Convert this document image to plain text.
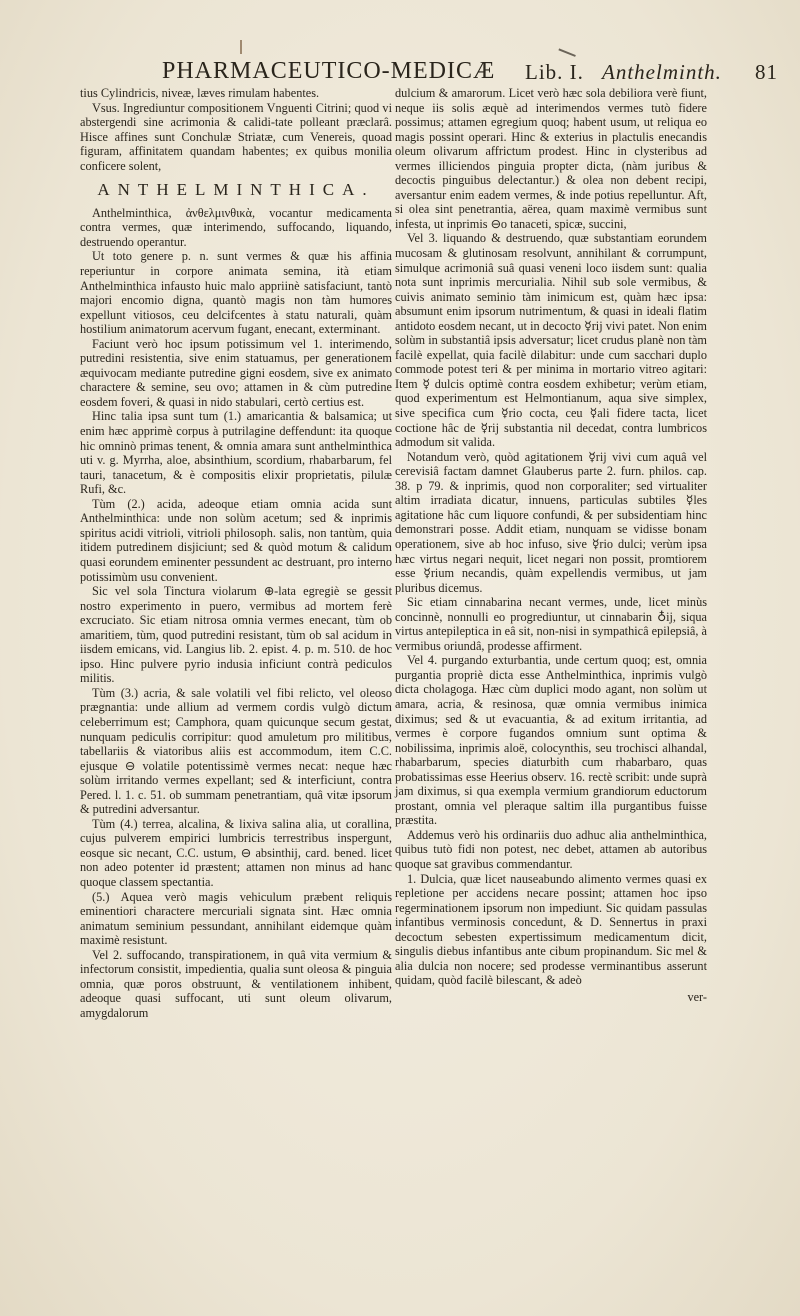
PHARMACEUTICO-MEDICÆ Lib. I. Anthelminth. 81

tius Cylindricis, niveæ, læves rimulam habentes.

Vsus. Ingrediuntur compositionem Vnguenti Citrini; quod vi abstergendi sine acrimonia & calidi-tate polleant præclarâ. Hisce affines sunt Conchulæ Striatæ, cum Venereis, quoad figuram, affinitatem quandam habentes; ex quibus monilia conficere solent,

ANTHELMINTHICA.

Anthelminthica, ἀνθελμινθικὰ, vocantur medicamenta contra vermes, quæ interimendo, suffocando, liquando, destruendo operantur.

Ut toto genere p. n. sunt vermes & quæ his affinia reperiuntur in corpore animata semina, ità etiam Anthelminthica infausto huic malo appriinè satisfaciunt, tantò majori encomio digna, quantò magis non tàm humores expellunt vitiosos, ceu delcifcentes à statu naturali, quàm hostilium animatorum acervum fugant, enecant, exterminant.

Faciunt verò hoc ipsum potissimum vel 1. interimendo, putredini resistentia, sive enim statuamus, per generationem æquivocam mediante putredine gigni eosdem, sive ex animato charactere & semine, seu ovo; attamen in & cùm putredine eosdem foveri, & quasi in nido stabulari, certò certius est.

Hinc talia ipsa sunt tum (1.) amaricantia & balsamica; ut enim hæc apprimè corpus à putrilagine deffendunt: ita quoque hic omninò primas tenent, & omnia amara sunt anthelminthica uti v. g. Myrrha, aloe, absinthium, scordium, rhabarbarum, fel tauri, tanacetum, & è compositis elixir proprietatis, pilulæ Rufi, &c.

Tùm (2.) acida, adeoque etiam omnia acida sunt Anthelminthica: unde non solùm acetum; sed & inprimis spiritus acidi vitrioli, vitrioli philosoph. salis, non tantùm, quia itidem putredinem disjiciunt; sed & quòd motum & calidum quasi eorundem eminenter pessundent ac destruant, pro interno potissimùm usu convenient.

Sic vel sola Tinctura violarum ⊕-lata egregiè se gessit nostro experimento in puero, vermibus ad mortem ferè excruciato. Sic etiam nitrosa omnia vermes enecant, tùm ob amaritiem, tùm, quod putredini resistant, tùm ob sal acidum in iisdem emicans, vid. Langius lib. 2. epist. 4. p. m. 510. de hoc ipso. Hinc pulvere pyrio indusia inficiunt contrà pediculos militis.

Tùm (3.) acria, & sale volatili vel fibi relicto, vel oleoso prægnantia: unde allium ad vermem cordis vulgò dictum celeberrimum est; Camphora, quam quicunque secum gestat, nunquam pediculis corripitur: quod amuletum pro militibus, tabellariis & viatoribus aliis est accommodum, item C.C. ejusque ⊖ volatile potentissimè vermes necat: neque hæc solùm irritando vermes expellant; sed & interficiunt, contra Pered. l. 1. c. 51. ob summam penetrantiam, quâ vitæ ipsorum & putredini adversantur.

Tùm (4.) terrea, alcalina, & lixiva salina alia, ut corallina, cujus pulverem empirici lumbricis terrestribus inspergunt, eosque sic necant, C.C. ustum, ⊖ absinthij, card. bened. licet non adeo potenter id præstent; attamen non minus ad hanc quoque classem spectantia.

(5.) Aquea verò magis vehiculum præbent reliquis eminentiori charactere mercuriali signata sint. Hæc omnia animatum seminium pessundant, annihilant eidemque quàm maximè resistunt.

Vel 2. suffocando, transpirationem, in quâ vita vermium & infectorum consistit, impedientia, qualia sunt oleosa & pinguia omnia, quæ poros obstruunt, & ventilationem inhibent, adeoque quasi suffocant, uti sunt oleum olivarum, amygdalorum

dulcium & amarorum. Licet verò hæc sola debiliora verè fiunt, neque iis solis æquè ad interimendos vermes tutò fidere possimus; attamen egregium quoq; habent usum, ut reliqua eo magis possint operari. Hinc & exterius in plactulis enecandis oleum olivarum affrictum prodest. Hinc in clysteribus ad vermes illiciendos pinguia propter dicta, (nàm juribus & decoctis pinguibus delectantur.) & olea non debent recipi, aversantur enim eadem vermes, & inde potius repelluntur. Aft, si olea sint penetrantia, aërea, quam maximè vermibus sunt infesta, ut inprimis ⊖o tanaceti, spicæ, succini,

Vel 3. liquando & destruendo, quæ substantiam eorundem mucosam & glutinosam resolvunt, annihilant & corrumpunt, simulque acrimoniâ suâ quasi veneni loco iisdem sunt: qualia nota sunt inprimis mercurialia. Nihil sub sole vermibus, & cuivis animato seminio tàm inimicum est, quàm hæc ipsa: absumunt enim ipsorum nutrimentum, & quasi in ideali flatim antidoto eosdem necant, ut in decocto ☿rij vivi patet. Non enim solùm in substantiâ ipsis adversatur; licet crudus planè non tàm facilè expellat, quia facilè dilabitur: unde cum sacchari duplo commode potest teri & per minima in mortario vitreo agitari: Item ☿ dulcis optimè contra eosdem exhibetur; verùm etiam, quod experimentum est Helmontianum, aqua sive simplex, sive specifica cum ☿rio cocta, ceu ☿ali fidere tacta, licet coctione hâc de ☿rij substantia nil decedat, contra lumbricos admodum sit valida.

Notandum verò, quòd agitationem ☿rij vivi cum aquâ vel cerevisiâ factam damnet Glauberus parte 2. furn. philos. cap. 38. p 79. & inprimis, quod non corporaliter; sed virtualiter altim irradiata dicatur, innuens, particulas subtiles ☿les agitatione hâc cum liquore confundi, & per subsidentiam hinc demonstrari posse. Addit etiam, nunquam se vidisse bonam operationem, sive ab hoc infuso, sive ☿rio dulci; verùm ipsa hæc virtus negari nequit, licet negari non possit, promtiorem esse ☿rium necandis, quàm expellendis vermibus, ut jam pluribus dicemus.

Sic etiam cinnabarina necant vermes, unde, licet minùs concinnè, nonnulli eo progrediuntur, ut cinnabarin ♁ij, siqua virtus antepileptica in eâ sit, non-nisi in sympathicâ epilepsiâ, à vermibus oriundâ, prodesse affirment.

Vel 4. purgando exturbantia, unde certum quoq; est, omnia purgantia propriè dicta esse Anthelminthica, inprimis vulgò dicta cholagoga. Hæc cùm duplici modo agant, non solùm ut amara, acria, & resinosa, quæ omnia vermibus inimica diximus; sed & ut evacuantia, & ad exitum irritantia, ad vermes è corpore fugandos omnium sunt optima & nobilissima, inprimis aloë, colocynthis, seu trochisci alhandal, rhabarbarum, species diaturbith cum rhabarbaro, quas probatissimas esse Heerius observ. 16. rectè scribit: unde suprà jam diximus, si qua exempla vermium grandiorum eductorum prostant, omnia vel pleraque saltim illa purgantibus fuisse præstita.

Addemus verò his ordinariis duo adhuc alia anthelminthica, quibus tutò fidi non potest, nec debet, attamen ab autoribus quoque sat gravibus commendantur.

1. Dulcia, quæ licet nauseabundo alimento vermes quasi ex repletione per accidens necare possint; attamen hoc ipso regerminationem ipsorum non impediunt. Sic quidam passulas infantibus verminosis concedunt, & D. Sennertus in praxi decoctum sebesten expertissimum medicamentum dicit, singulis diebus infantibus ante cibum propinandum. Sic mel & alia dulcia non nocere; sed prodesse verminantibus asserunt quidam, quòd facilè bilescant, & adeò

ver-
